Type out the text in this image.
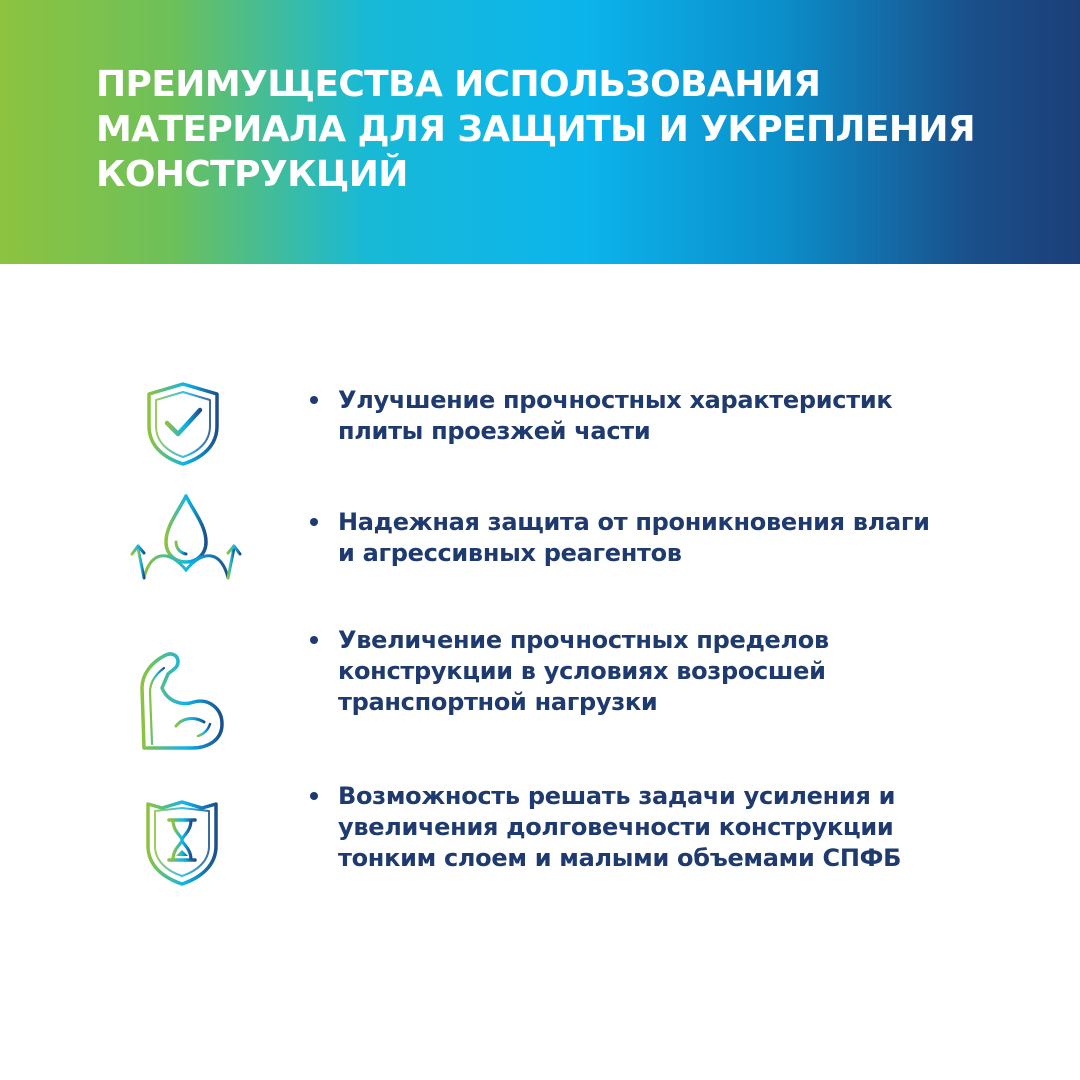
ПРЕИМУЩЕСТВА ИСПОЛЬЗОВАНИЯ
МАТЕРИАЛА ДЛЯ ЗАЩИТЫ И УКРЕПЛЕНИЯ
КОНСТРУКЦИЙ
Улучшение прочностных характеристик
плиты проезжей части
Надежная защита от проникновения влаги
и агрессивных реагентов
Увеличение прочностных пределов
конструкции в условиях возросшей
транспортной нагрузки
Возможность решать задачи усиления и
увеличения долговечности конструкции
тонким слоем и малыми объемами СПФБ
